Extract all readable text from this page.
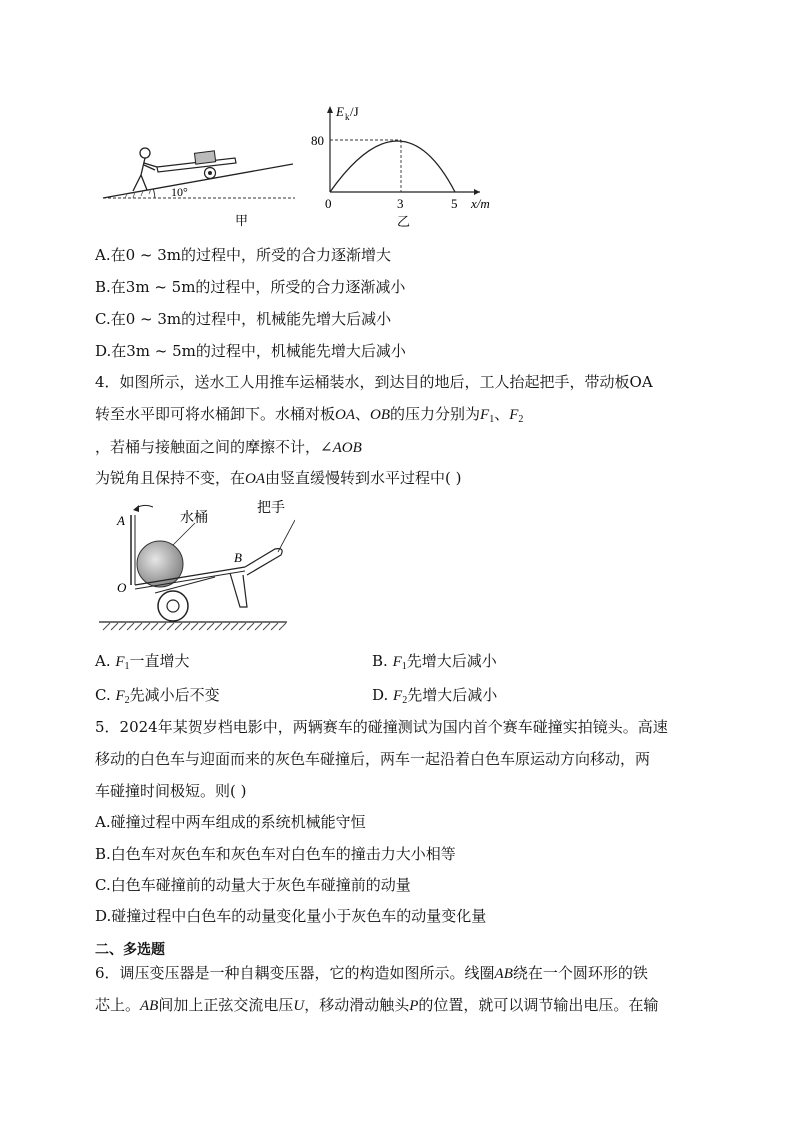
10°
甲
E k /J
80
0	3	5 x/m
乙
A.在0 ~ 3m的过程中，所受的合力逐渐增大
B.在3m ~ 5m的过程中，所受的合力逐渐减小
C.在0 ~ 3m的过程中，机械能先增大后减小
D.在3m ~ 5m的过程中，机械能先增大后减小
4．如图所示，送水工人用推车运桶装水，到达目的地后，工人抬起把手，带动板OA
转至水平即可将水桶卸下。水桶对板OA、OB的压力分别为$F_1$、$F_2$
，若桶与接触面之间的摩擦不计，∠AOB
为锐角且保持不变，在OA由竖直缓慢转到水平过程中( )
A
O
B
水桶
把手
A. $F_1$一直增大	B. $F_1$先增大后减小
C. $F_2$先减小后不变	D. $F_2$先增大后减小
5．2024年某贺岁档电影中，两辆赛车的碰撞测试为国内首个赛车碰撞实拍镜头。高速
移动的白色车与迎面而来的灰色车碰撞后，两车一起沿着白色车原运动方向移动，两
车碰撞时间极短。则( )
A.碰撞过程中两车组成的系统机械能守恒
B.白色车对灰色车和灰色车对白色车的撞击力大小相等
C.白色车碰撞前的动量大于灰色车碰撞前的动量
D.碰撞过程中白色车的动量变化量小于灰色车的动量变化量
二、多选题
6．调压变压器是一种自耦变压器，它的构造如图所示。线圈AB绕在一个圆环形的铁
芯上。AB间加上正弦交流电压U，移动滑动触头P的位置，就可以调节输出电压。在输
